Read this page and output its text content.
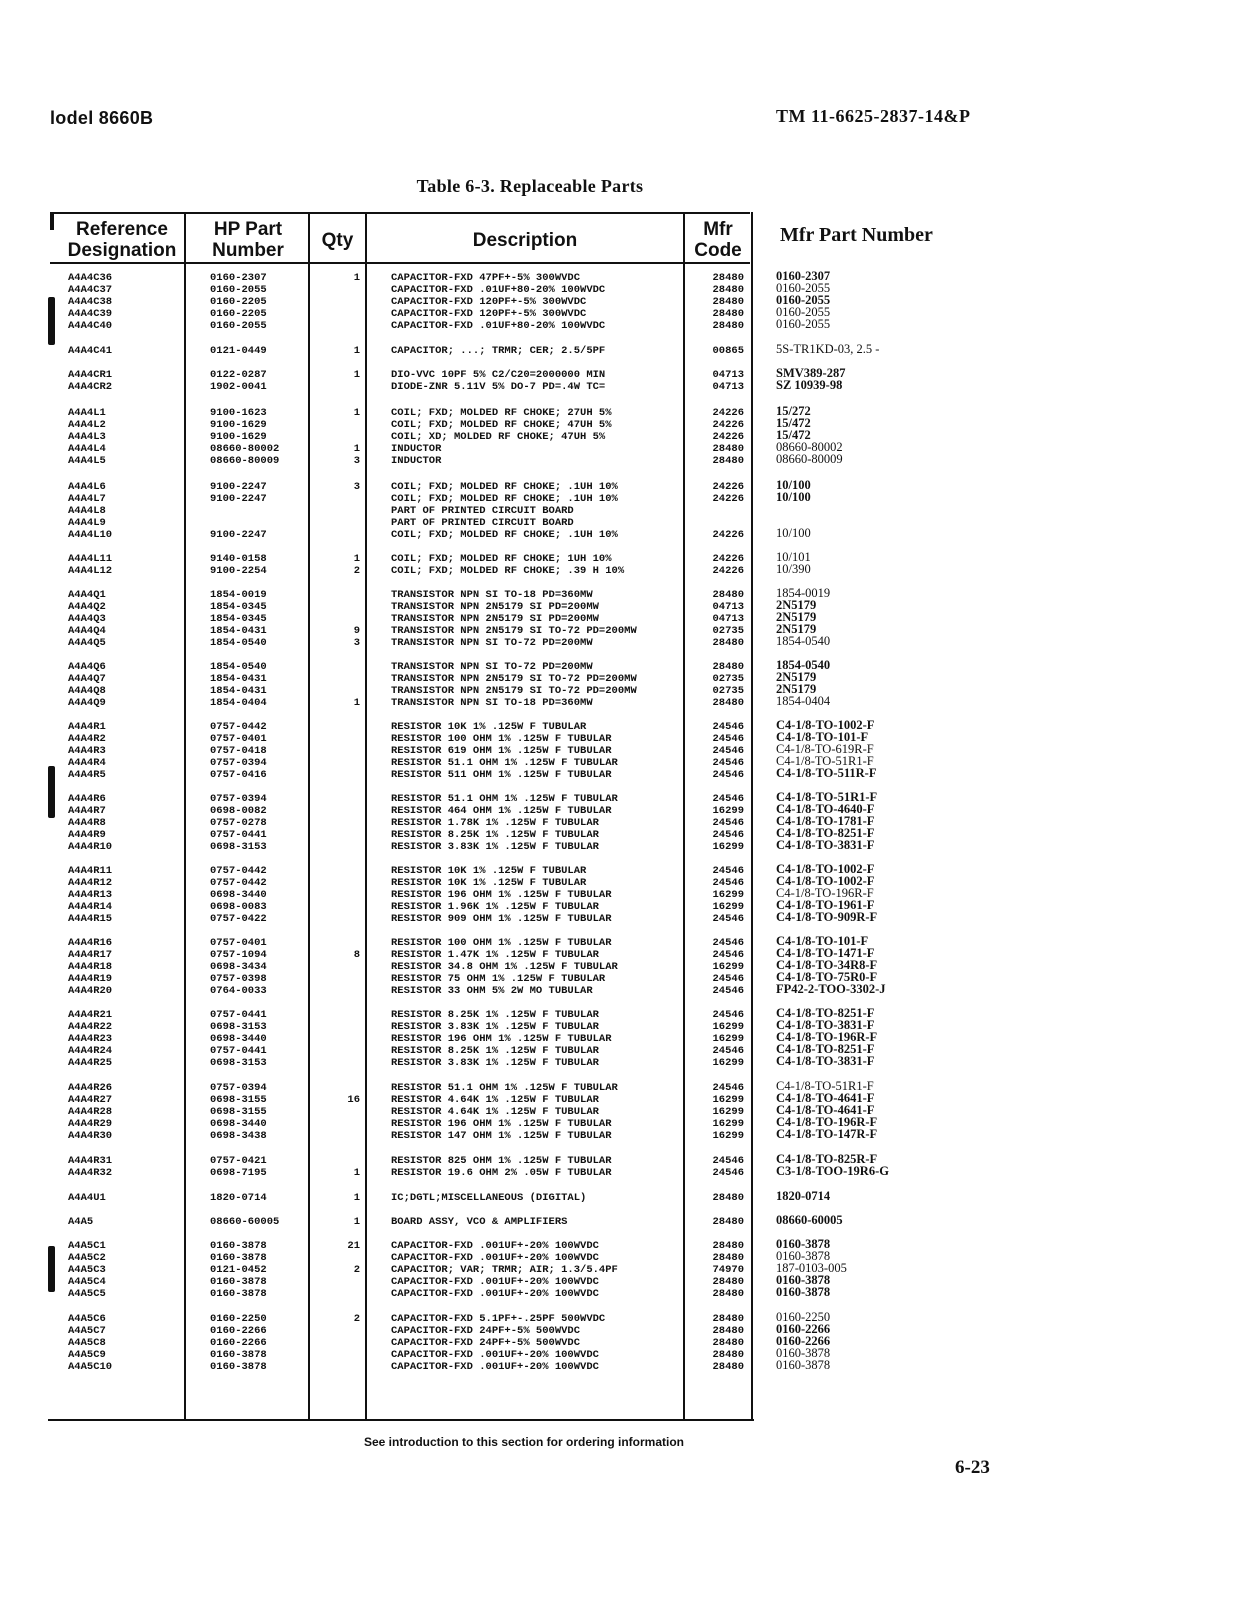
lodel 8660B	TM 11-6625-2837-14&P
Table 6-3. Replaceable Parts
Reference Designation
HP Part Number	Qty	Description	Mfr Code
Mfr Part Number
A4A4C36	0160-2307	1	CAPACITOR-FXD 47PF+-5% 300WVDC	28480	0160-2307
A4A4C37	0160-2055	CAPACITOR-FXD .01UF+80-20% 100WVDC	28480	0160-2055
A4A4C38	0160-2205	CAPACITOR-FXD 120PF+-5% 300WVDC	28480	0160-2055
A4A4C39	0160-2205	CAPACITOR-FXD 120PF+-5% 300WVDC	28480	0160-2055
A4A4C40	0160-2055	CAPACITOR-FXD .01UF+80-20% 100WVDC	28480	0160-2055
A4A4C41	0121-0449	1	CAPACITOR; ...; TRMR; CER; 2.5/5PF	00865	5S-TR1KD-03, 2.5 -
A4A4CR1	0122-0287	1	DIO-VVC 10PF 5% C2/C20=2000000 MIN	04713	SMV389-287
A4A4CR2	1902-0041	DIODE-ZNR 5.11V 5% DO-7 PD=.4W TC=	04713	SZ 10939-98
A4A4L1	9100-1623	1	COIL; FXD; MOLDED RF CHOKE; 27UH 5%	24226	15/272
A4A4L2	9100-1629	COIL; FXD; MOLDED RF CHOKE; 47UH 5%	24226	15/472
A4A4L3	9100-1629	COIL; XD; MOLDED RF CHOKE; 47UH 5%	24226	15/472
A4A4L4	08660-80002	1	INDUCTOR	28480	08660-80002
A4A4L5	08660-80009	3	INDUCTOR	28480	08660-80009
A4A4L6	9100-2247	3	COIL; FXD; MOLDED RF CHOKE; .1UH 10%	24226	10/100
A4A4L7	9100-2247	COIL; FXD; MOLDED RF CHOKE; .1UH 10%	24226	10/100
A4A4L8	PART OF PRINTED CIRCUIT BOARD
A4A4L9	PART OF PRINTED CIRCUIT BOARD
A4A4L10	9100-2247	COIL; FXD; MOLDED RF CHOKE; .1UH 10%	24226	10/100
A4A4L11	9140-0158	1	COIL; FXD; MOLDED RF CHOKE; 1UH 10%	24226	10/101
A4A4L12	9100-2254	2	COIL; FXD; MOLDED RF CHOKE; .39 H 10%	24226	10/390
A4A4Q1	1854-0019	TRANSISTOR NPN SI TO-18 PD=360MW	28480	1854-0019
A4A4Q2	1854-0345	TRANSISTOR NPN 2N5179 SI PD=200MW	04713	2N5179
A4A4Q3	1854-0345	TRANSISTOR NPN 2N5179 SI PD=200MW	04713	2N5179
A4A4Q4	1854-0431	9	TRANSISTOR NPN 2N5179 SI TO-72 PD=200MW	02735	2N5179
A4A4Q5	1854-0540	3	TRANSISTOR NPN SI TO-72 PD=200MW	28480	1854-0540
A4A4Q6	1854-0540	TRANSISTOR NPN SI TO-72 PD=200MW	28480	1854-0540
A4A4Q7	1854-0431	TRANSISTOR NPN 2N5179 SI TO-72 PD=200MW	02735	2N5179
A4A4Q8	1854-0431	TRANSISTOR NPN 2N5179 SI TO-72 PD=200MW	02735	2N5179
A4A4Q9	1854-0404	1	TRANSISTOR NPN SI TO-18 PD=360MW	28480	1854-0404
A4A4R1	0757-0442	RESISTOR 10K 1% .125W F TUBULAR	24546	C4-1/8-TO-1002-F
A4A4R2	0757-0401	RESISTOR 100 OHM 1% .125W F TUBULAR	24546	C4-1/8-TO-101-F
A4A4R3	0757-0418	RESISTOR 619 OHM 1% .125W F TUBULAR	24546	C4-1/8-TO-619R-F
A4A4R4	0757-0394	RESISTOR 51.1 OHM 1% .125W F TUBULAR	24546	C4-1/8-TO-51R1-F
A4A4R5	0757-0416	RESISTOR 511 OHM 1% .125W F TUBULAR	24546	C4-1/8-TO-511R-F
A4A4R6	0757-0394	RESISTOR 51.1 OHM 1% .125W F TUBULAR	24546	C4-1/8-TO-51R1-F
A4A4R7	0698-0082	RESISTOR 464 OHM 1% .125W F TUBULAR	16299	C4-1/8-TO-4640-F
A4A4R8	0757-0278	RESISTOR 1.78K 1% .125W F TUBULAR	24546	C4-1/8-TO-1781-F
A4A4R9	0757-0441	RESISTOR 8.25K 1% .125W F TUBULAR	24546	C4-1/8-TO-8251-F
A4A4R10	0698-3153	RESISTOR 3.83K 1% .125W F TUBULAR	16299	C4-1/8-TO-3831-F
A4A4R11	0757-0442	RESISTOR 10K 1% .125W F TUBULAR	24546	C4-1/8-TO-1002-F
A4A4R12	0757-0442	RESISTOR 10K 1% .125W F TUBULAR	24546	C4-1/8-TO-1002-F
A4A4R13	0698-3440	RESISTOR 196 OHM 1% .125W F TUBULAR	16299	C4-1/8-TO-196R-F
A4A4R14	0698-0083	RESISTOR 1.96K 1% .125W F TUBULAR	16299	C4-1/8-TO-1961-F
A4A4R15	0757-0422	RESISTOR 909 OHM 1% .125W F TUBULAR	24546	C4-1/8-TO-909R-F
A4A4R16	0757-0401	RESISTOR 100 OHM 1% .125W F TUBULAR	24546	C4-1/8-TO-101-F
A4A4R17	0757-1094	8	RESISTOR 1.47K 1% .125W F TUBULAR	24546	C4-1/8-TO-1471-F
A4A4R18	0698-3434	RESISTOR 34.8 OHM 1% .125W F TUBULAR	16299	C4-1/8-TO-34R8-F
A4A4R19	0757-0398	RESISTOR 75 OHM 1% .125W F TUBULAR	24546	C4-1/8-TO-75R0-F
A4A4R20	0764-0033	RESISTOR 33 OHM 5% 2W MO TUBULAR	24546	FP42-2-TOO-3302-J
A4A4R21	0757-0441	RESISTOR 8.25K 1% .125W F TUBULAR	24546	C4-1/8-TO-8251-F
A4A4R22	0698-3153	RESISTOR 3.83K 1% .125W F TUBULAR	16299	C4-1/8-TO-3831-F
A4A4R23	0698-3440	RESISTOR 196 OHM 1% .125W F TUBULAR	16299	C4-1/8-TO-196R-F
A4A4R24	0757-0441	RESISTOR 8.25K 1% .125W F TUBULAR	24546	C4-1/8-TO-8251-F
A4A4R25	0698-3153	RESISTOR 3.83K 1% .125W F TUBULAR	16299	C4-1/8-TO-3831-F
A4A4R26	0757-0394	RESISTOR 51.1 OHM 1% .125W F TUBULAR	24546	C4-1/8-TO-51R1-F
A4A4R27	0698-3155	16	RESISTOR 4.64K 1% .125W F TUBULAR	16299	C4-1/8-TO-4641-F
A4A4R28	0698-3155	RESISTOR 4.64K 1% .125W F TUBULAR	16299	C4-1/8-TO-4641-F
A4A4R29	0698-3440	RESISTOR 196 OHM 1% .125W F TUBULAR	16299	C4-1/8-TO-196R-F
A4A4R30	0698-3438	RESISTOR 147 OHM 1% .125W F TUBULAR	16299	C4-1/8-TO-147R-F
A4A4R31	0757-0421	RESISTOR 825 OHM 1% .125W F TUBULAR	24546	C4-1/8-TO-825R-F
A4A4R32	0698-7195	1	RESISTOR 19.6 OHM 2% .05W F TUBULAR	24546	C3-1/8-TOO-19R6-G
A4A4U1	1820-0714	1	IC;DGTL;MISCELLANEOUS (DIGITAL)	28480	1820-0714
A4A5	08660-60005	1	BOARD ASSY, VCO & AMPLIFIERS	28480	08660-60005
A4A5C1	0160-3878	21	CAPACITOR-FXD .001UF+-20% 100WVDC	28480	0160-3878
A4A5C2	0160-3878	CAPACITOR-FXD .001UF+-20% 100WVDC	28480	0160-3878
A4A5C3	0121-0452	2	CAPACITOR; VAR; TRMR; AIR; 1.3/5.4PF	74970	187-0103-005
A4A5C4	0160-3878	CAPACITOR-FXD .001UF+-20% 100WVDC	28480	0160-3878
A4A5C5	0160-3878	CAPACITOR-FXD .001UF+-20% 100WVDC	28480	0160-3878
A4A5C6	0160-2250	2	CAPACITOR-FXD 5.1PF+-.25PF 500WVDC	28480	0160-2250
A4A5C7	0160-2266	CAPACITOR-FXD 24PF+-5% 500WVDC	28480	0160-2266
A4A5C8	0160-2266	CAPACITOR-FXD 24PF+-5% 500WVDC	28480	0160-2266
A4A5C9	0160-3878	CAPACITOR-FXD .001UF+-20% 100WVDC	28480	0160-3878
A4A5C10	0160-3878	CAPACITOR-FXD .001UF+-20% 100WVDC	28480	0160-3878
See introduction to this section for ordering information
6-23
